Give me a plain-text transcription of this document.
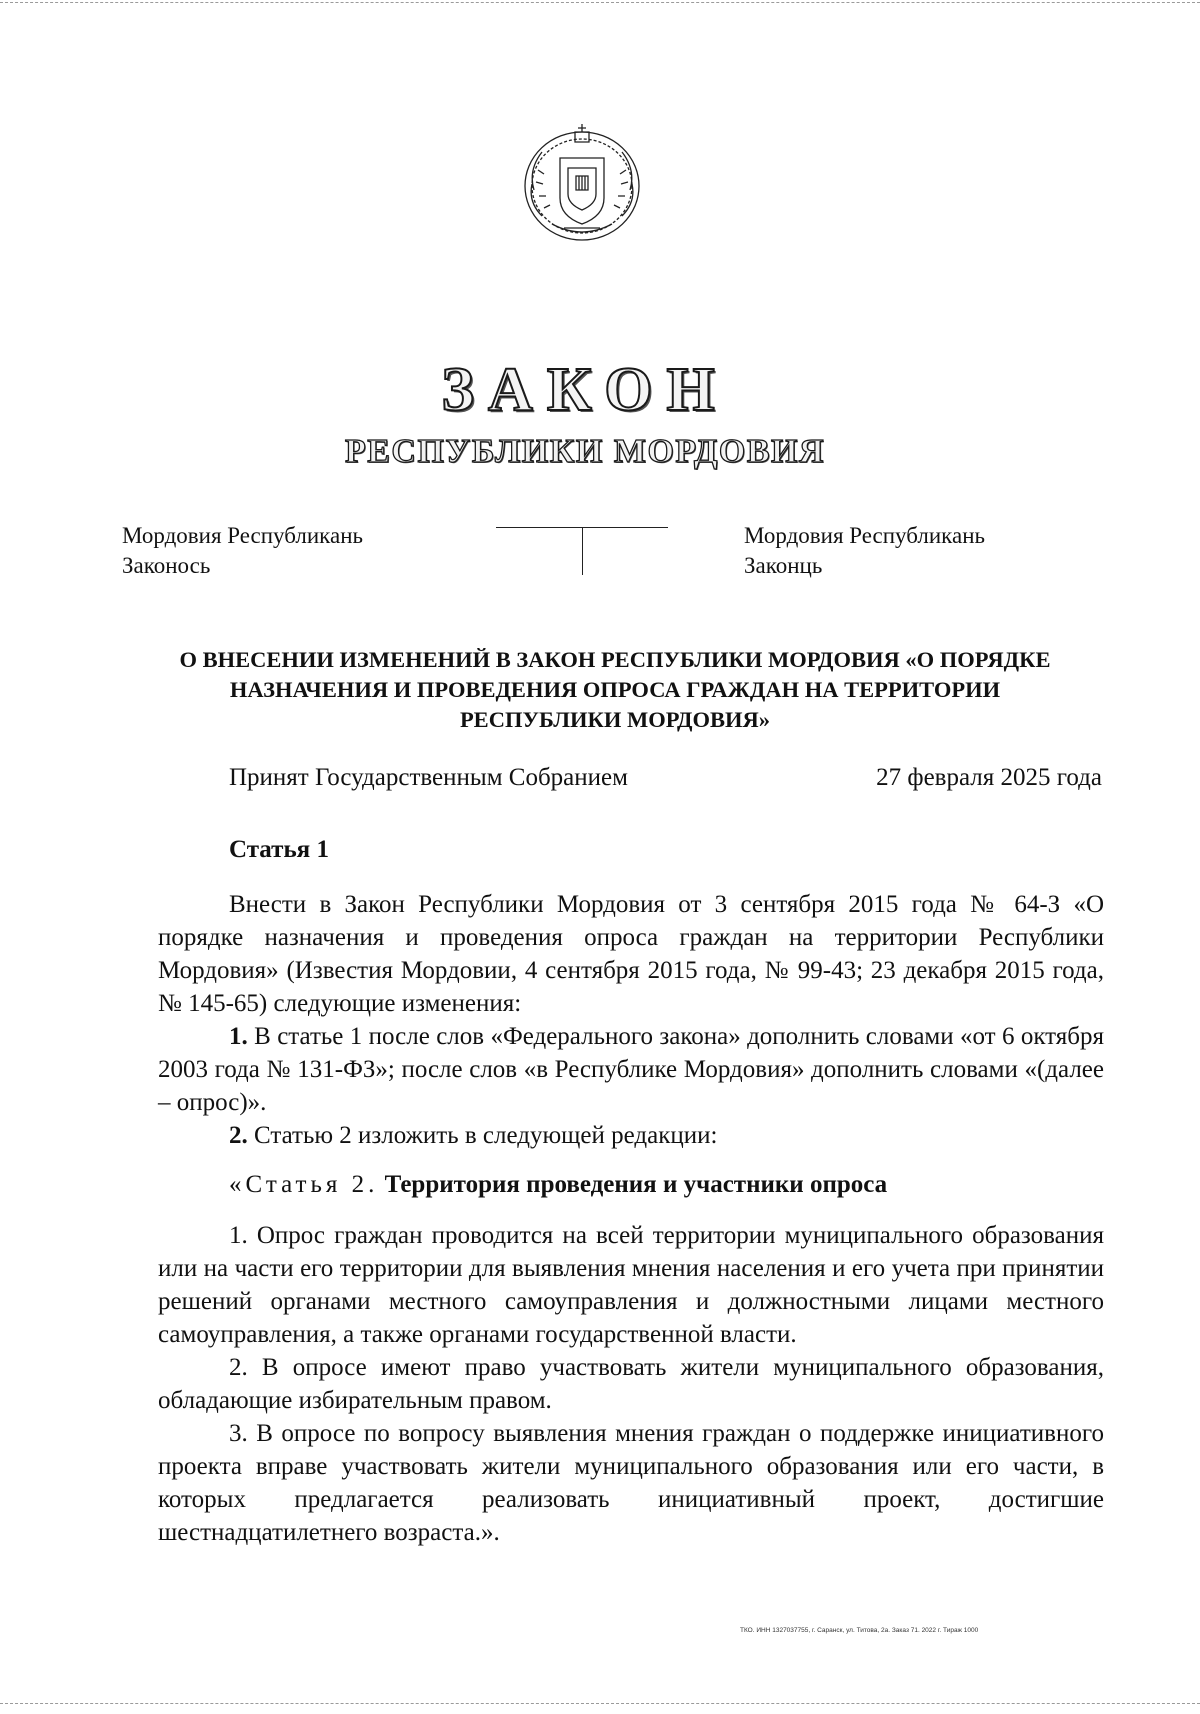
ЗАКОН
РЕСПУБЛИКИ МОРДОВИЯ
Мордовия Республикань
Законось
Мордовия Республикань
Законць
О ВНЕСЕНИИ ИЗМЕНЕНИЙ В ЗАКОН РЕСПУБЛИКИ МОРДОВИЯ «О ПОРЯДКЕ
НАЗНАЧЕНИЯ И ПРОВЕДЕНИЯ ОПРОСА ГРАЖДАН НА ТЕРРИТОРИИ
РЕСПУБЛИКИ МОРДОВИЯ»
Принят Государственным Собранием	27 февраля 2025 года
Статья 1

Внести в Закон Республики Мордовия от 3 сентября 2015 года № 64-З «О порядке назначения и проведения опроса граждан на территории Республики Мордовия» (Известия Мордовии, 4 сентября 2015 года, № 99-43; 23 декабря 2015 года, № 145-65) следующие изменения:

1. В статье 1 после слов «Федерального закона» дополнить словами «от 6 октября 2003 года № 131-ФЗ»; после слов «в Республике Мордовия» дополнить словами «(далее – опрос)».

2. Статью 2 изложить в следующей редакции:

«Статья 2. Территория проведения и участники опроса

1. Опрос граждан проводится на всей территории муниципального образования или на части его территории для выявления мнения населения и его учета при принятии решений органами местного самоуправления и должностными лицами местного самоуправления, а также органами государственной власти.

2. В опросе имеют право участвовать жители муниципального образования, обладающие избирательным правом.

3. В опросе по вопросу выявления мнения граждан о поддержке инициативного проекта вправе участвовать жители муниципального образования или его части, в которых предлагается реализовать инициативный проект, достигшие шестнадцатилетнего возраста.».

ТКО. ИНН 1327037755, г. Саранск, ул. Титова, 2а. Заказ 71. 2022 г. Тираж 1000
